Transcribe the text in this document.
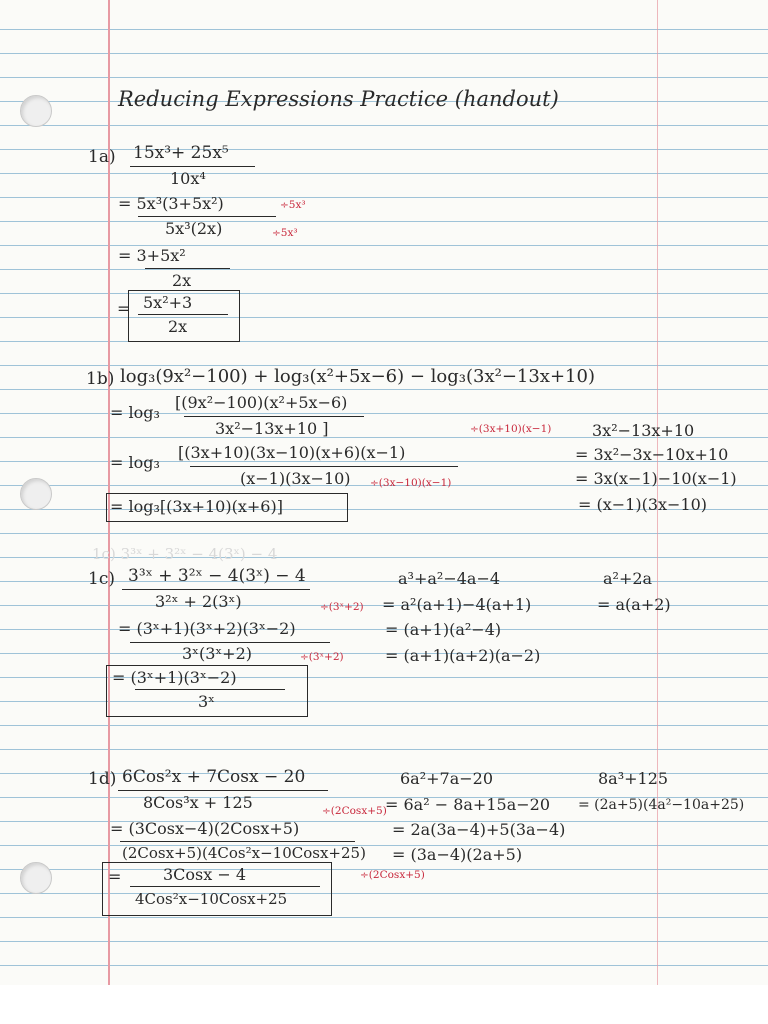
Reducing Expressions Practice (handout)
1a) 15x³+ 25x⁵
10x⁴
= 5x³(3+5x²)	÷5x³
5x³(2x)	÷5x³
= 3+5x²
2x
= 5x²+3
2x
1b) log₃(9x²−100) + log₃(x²+5x−6) − log₃(3x²−13x+10)
= log₃
[(9x²−100)(x²+5x−6)
3x²−13x+10 ]	÷(3x+10)(x−1)
= log₃
[(3x+10)(3x−10)(x+6)(x−1)
(x−1)(3x−10) ÷(3x−10)(x−1)
= log₃[(3x+10)(x+6)]
3x²−13x+10
= 3x²−3x−10x+10
= 3x(x−1)−10(x−1)
= (x−1)(3x−10)
1c) 3³ˣ + 3²ˣ − 4(3ˣ) − 4
1c) 3³ˣ + 3²ˣ − 4(3ˣ) − 4
3²ˣ + 2(3ˣ)
= (3ˣ+1)(3ˣ+2)(3ˣ−2)
÷(3ˣ+2)
3ˣ(3ˣ+2)	÷(3ˣ+2)
= (3ˣ+1)(3ˣ−2)
3ˣ
a³+a²−4a−4
= a²(a+1)−4(a+1)
= (a+1)(a²−4)
= (a+1)(a+2)(a−2)
a²+2a
= a(a+2)
1d) 6Cos²x + 7Cosx − 20
8Cos³x + 125
= (3Cosx−4)(2Cosx+5)
÷(2Cosx+5)
(2Cosx+5)(4Cos²x−10Cosx+25)
÷(2Cosx+5)
=	3Cosx − 4
4Cos²x−10Cosx+25
6a²+7a−20
= 6a² − 8a+15a−20
= 2a(3a−4)+5(3a−4)
= (3a−4)(2a+5)
8a³+125
= (2a+5)(4a²−10a+25)
